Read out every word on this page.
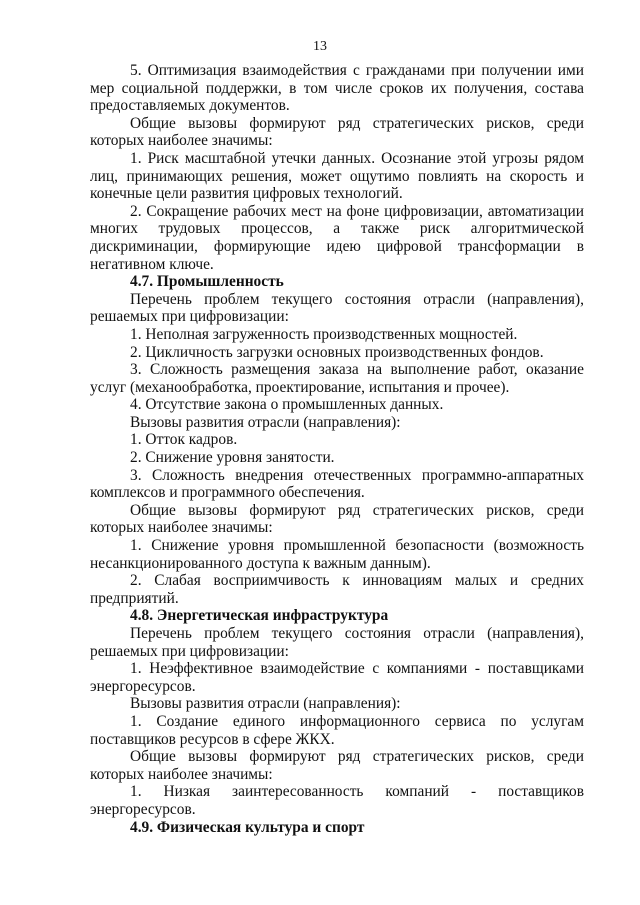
13

5. Оптимизация взаимодействия с гражданами при получении ими мер социальной поддержки, в том числе сроков их получения, состава предоставляемых документов.

Общие вызовы формируют ряд стратегических рисков, среди которых наиболее значимы:

1. Риск масштабной утечки данных. Осознание этой угрозы рядом лиц, принимающих решения, может ощутимо повлиять на скорость и конечные цели развития цифровых технологий.

2. Сокращение рабочих мест на фоне цифровизации, автоматизации многих трудовых процессов, а также риск алгоритмической дискриминации, формирующие идею цифровой трансформации в негативном ключе.

4.7. Промышленность

Перечень проблем текущего состояния отрасли (направления), решаемых при цифровизации:

1. Неполная загруженность производственных мощностей.

2. Цикличность загрузки основных производственных фондов.

3. Сложность размещения заказа на выполнение работ, оказание услуг (механообработка, проектирование, испытания и прочее).

4. Отсутствие закона о промышленных данных.

Вызовы развития отрасли (направления):

1. Отток кадров.

2. Снижение уровня занятости.

3. Сложность внедрения отечественных программно-аппаратных комплексов и программного обеспечения.

Общие вызовы формируют ряд стратегических рисков, среди которых наиболее значимы:

1. Снижение уровня промышленной безопасности (возможность несанкционированного доступа к важным данным).

2. Слабая восприимчивость к инновациям малых и средних предприятий.

4.8. Энергетическая инфраструктура

Перечень проблем текущего состояния отрасли (направления), решаемых при цифровизации:

1. Неэффективное взаимодействие с компаниями - поставщиками энергоресурсов.

Вызовы развития отрасли (направления):

1. Создание единого информационного сервиса по услугам поставщиков ресурсов в сфере ЖКХ.

Общие вызовы формируют ряд стратегических рисков, среди которых наиболее значимы:

1. Низкая заинтересованность компаний - поставщиков энергоресурсов.

4.9. Физическая культура и спорт
